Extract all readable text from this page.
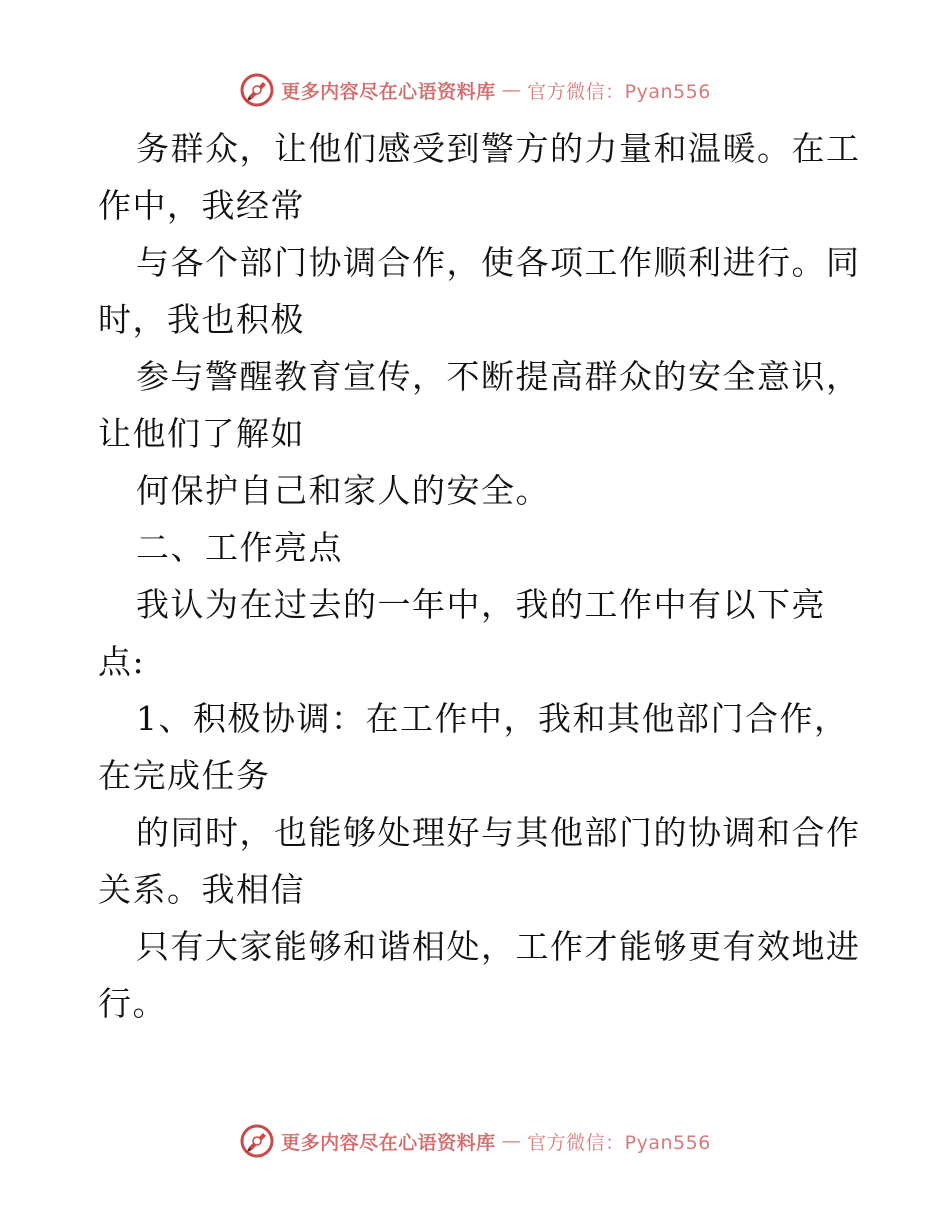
更多内容尽在心语资料库 — 官方微信：Pyan556
务群众，让他们感受到警方的力量和温暖。在工
作中，我经常
与各个部门协调合作，使各项工作顺利进行。同
时，我也积极
参与警醒教育宣传，不断提高群众的安全意识，
让他们了解如
何保护自己和家人的安全。
二、工作亮点
我认为在过去的一年中，我的工作中有以下亮
点:
1、积极协调：在工作中，我和其他部门合作，
在完成任务
的同时，也能够处理好与其他部门的协调和合作
关系。我相信
只有大家能够和谐相处，工作才能够更有效地进
行。
更多内容尽在心语资料库 — 官方微信：Pyan556
